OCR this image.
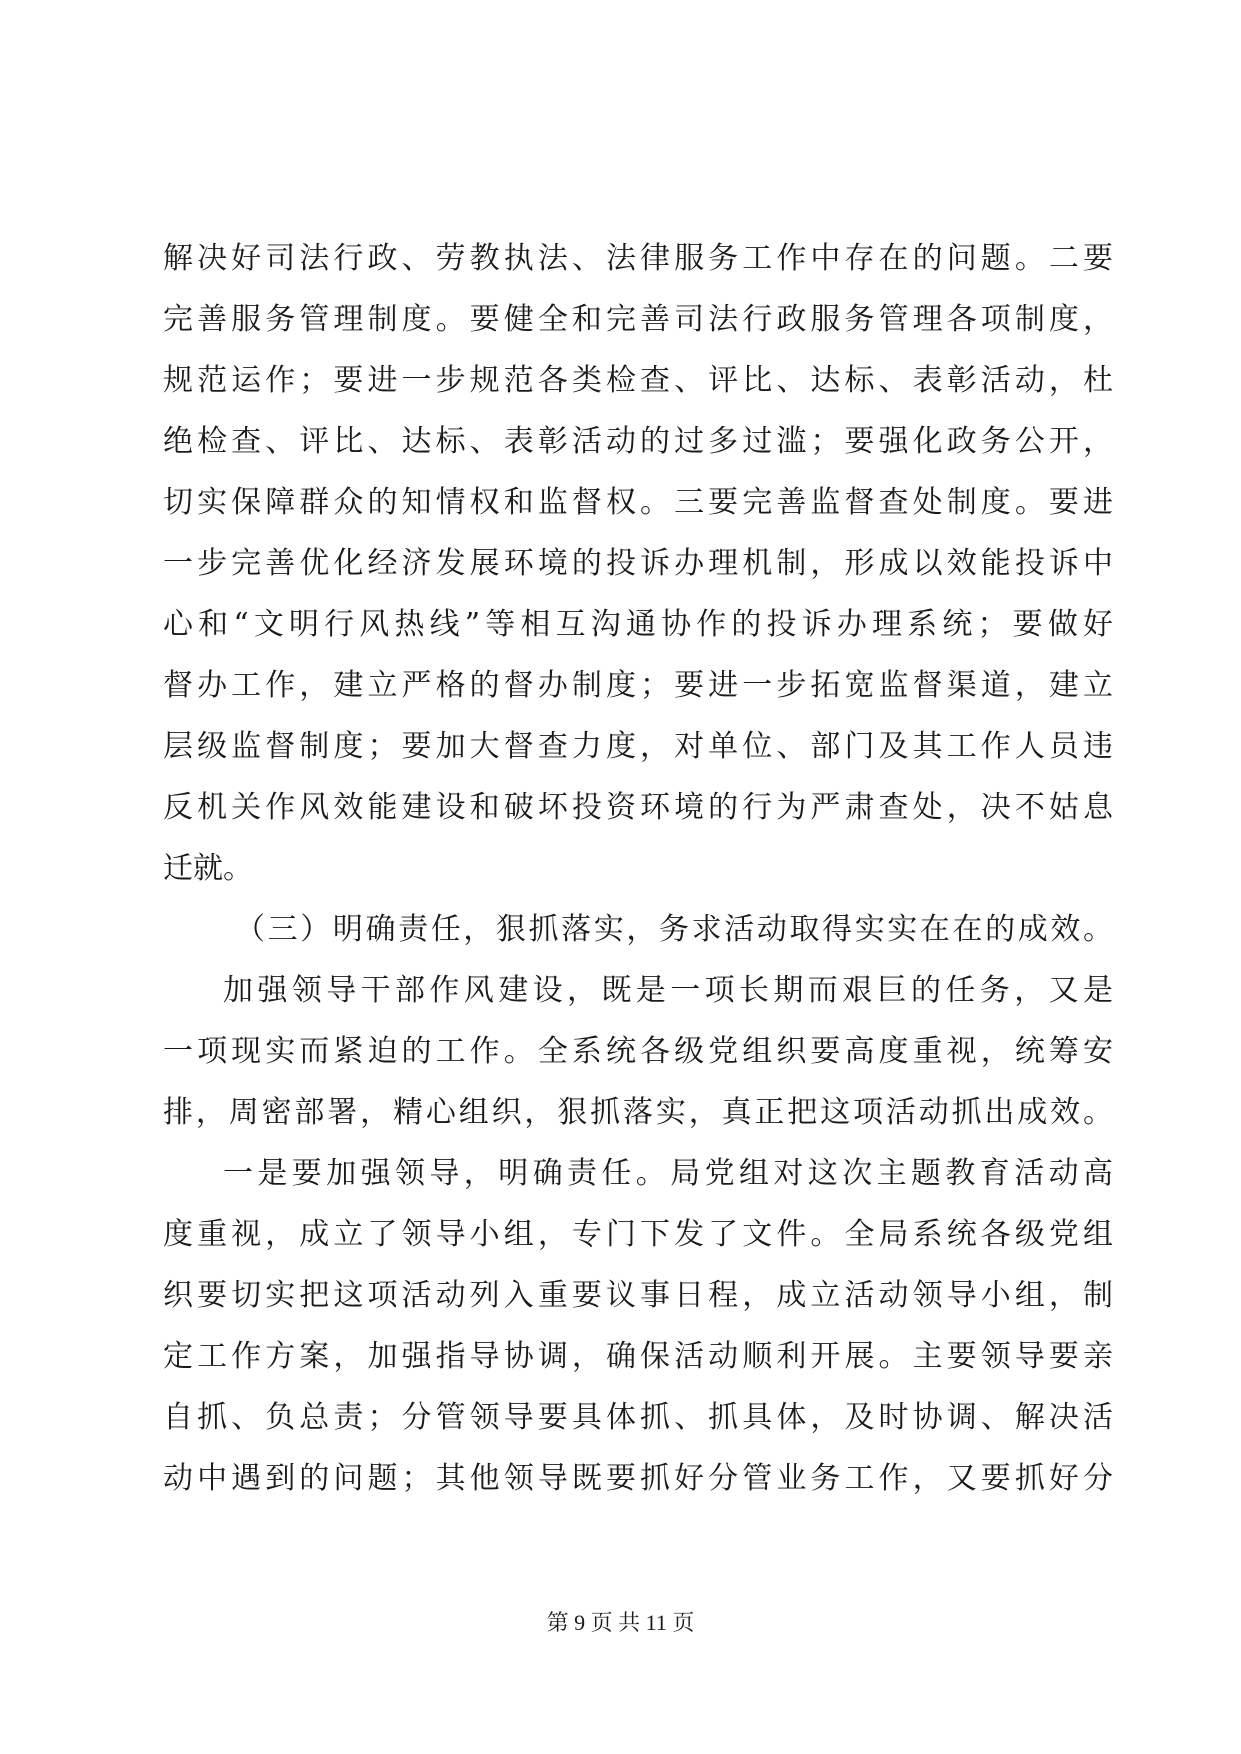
解决好司法行政、劳教执法、法律服务工作中存在的问题。二要
完善服务管理制度。要健全和完善司法行政服务管理各项制度，
规范运作；要进一步规范各类检查、评比、达标、表彰活动，杜
绝检查、评比、达标、表彰活动的过多过滥；要强化政务公开，
切实保障群众的知情权和监督权。三要完善监督查处制度。要进
一步完善优化经济发展环境的投诉办理机制，形成以效能投诉中
心和“文明行风热线”等相互沟通协作的投诉办理系统；要做好
督办工作，建立严格的督办制度；要进一步拓宽监督渠道，建立
层级监督制度；要加大督查力度，对单位、部门及其工作人员违
反机关作风效能建设和破坏投资环境的行为严肃查处，决不姑息
迁就。
（三）明确责任，狠抓落实，务求活动取得实实在在的成效。
加强领导干部作风建设，既是一项长期而艰巨的任务，又是
一项现实而紧迫的工作。全系统各级党组织要高度重视，统筹安
排，周密部署，精心组织，狠抓落实，真正把这项活动抓出成效。
一是要加强领导，明确责任。局党组对这次主题教育活动高
度重视，成立了领导小组，专门下发了文件。全局系统各级党组
织要切实把这项活动列入重要议事日程，成立活动领导小组，制
定工作方案，加强指导协调，确保活动顺利开展。主要领导要亲
自抓、负总责；分管领导要具体抓、抓具体，及时协调、解决活
动中遇到的问题；其他领导既要抓好分管业务工作，又要抓好分
第 9 页 共 11 页
